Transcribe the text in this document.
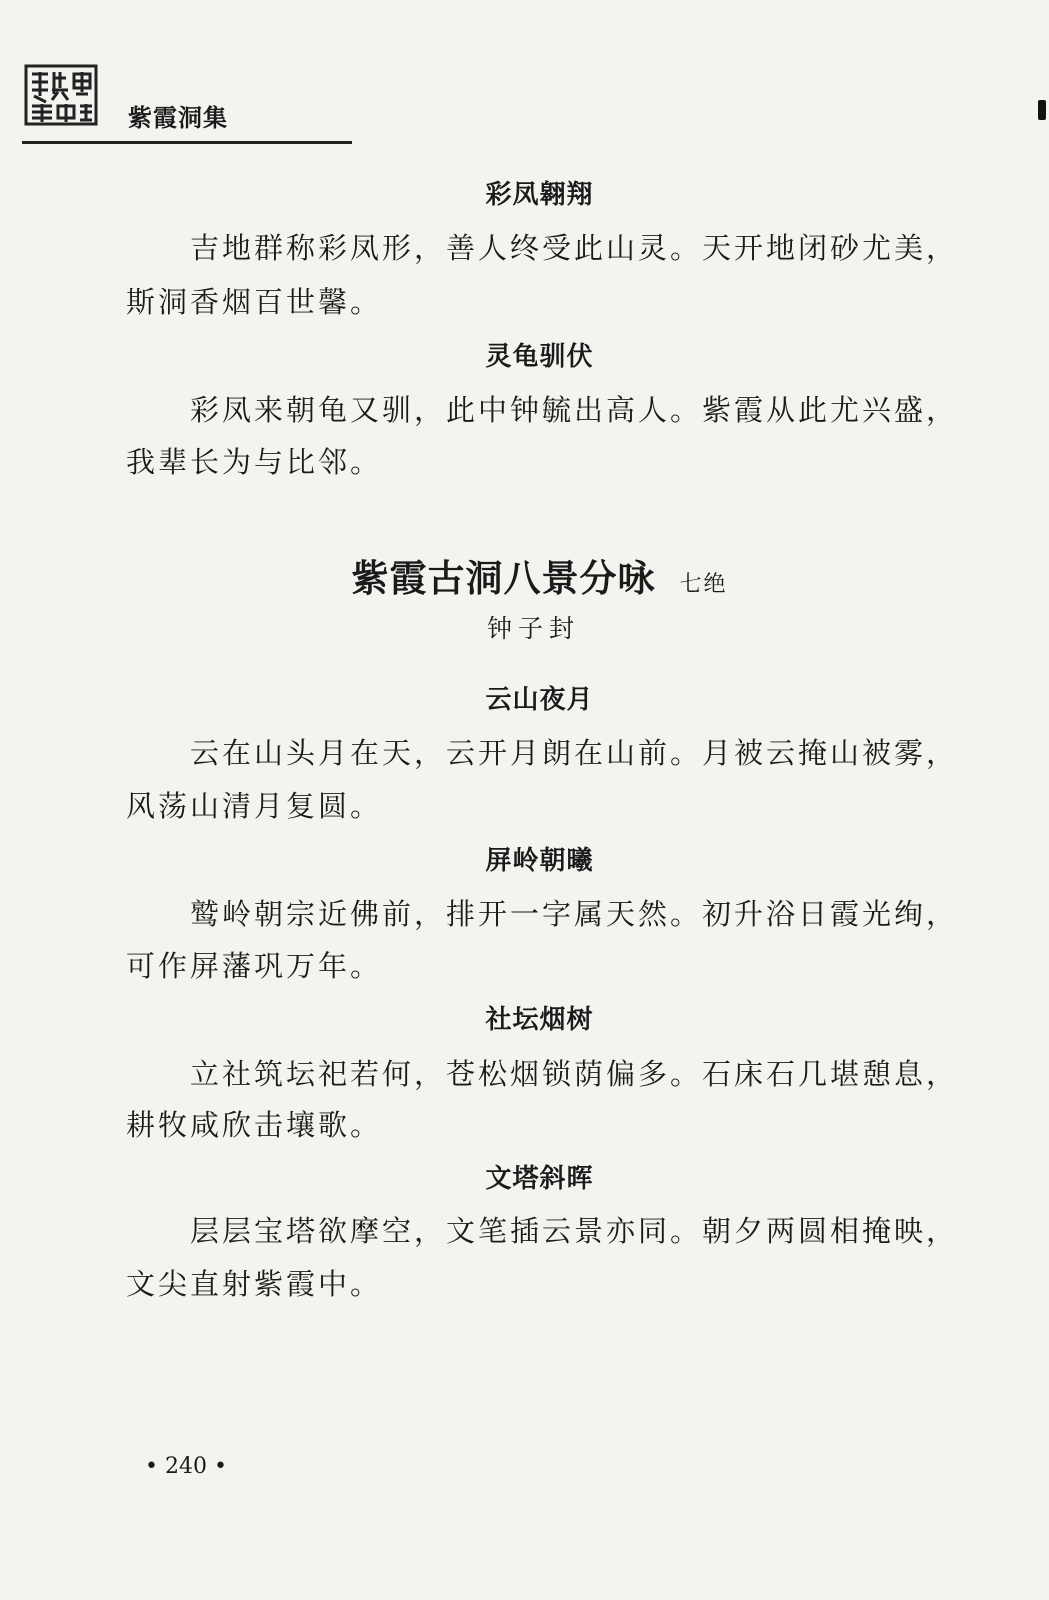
紫霞洞集
彩凤翱翔
吉地群称彩凤形，善人终受此山灵。天开地闭砂尤美，
斯洞香烟百世馨。
灵龟驯伏
彩凤来朝龟又驯，此中钟毓出高人。紫霞从此尤兴盛，
我辈长为与比邻。
紫霞古洞八景分咏 七绝
钟子封
云山夜月
云在山头月在天，云开月朗在山前。月被云掩山被雾，
风荡山清月复圆。
屏岭朝曦
鹫岭朝宗近佛前，排开一字属天然。初升浴日霞光绚，
可作屏藩巩万年。
社坛烟树
立社筑坛祀若何，苍松烟锁荫偏多。石床石几堪憩息，
耕牧咸欣击壤歌。
文塔斜晖
层层宝塔欲摩空，文笔插云景亦同。朝夕两圆相掩映，
文尖直射紫霞中。
• 240 •
